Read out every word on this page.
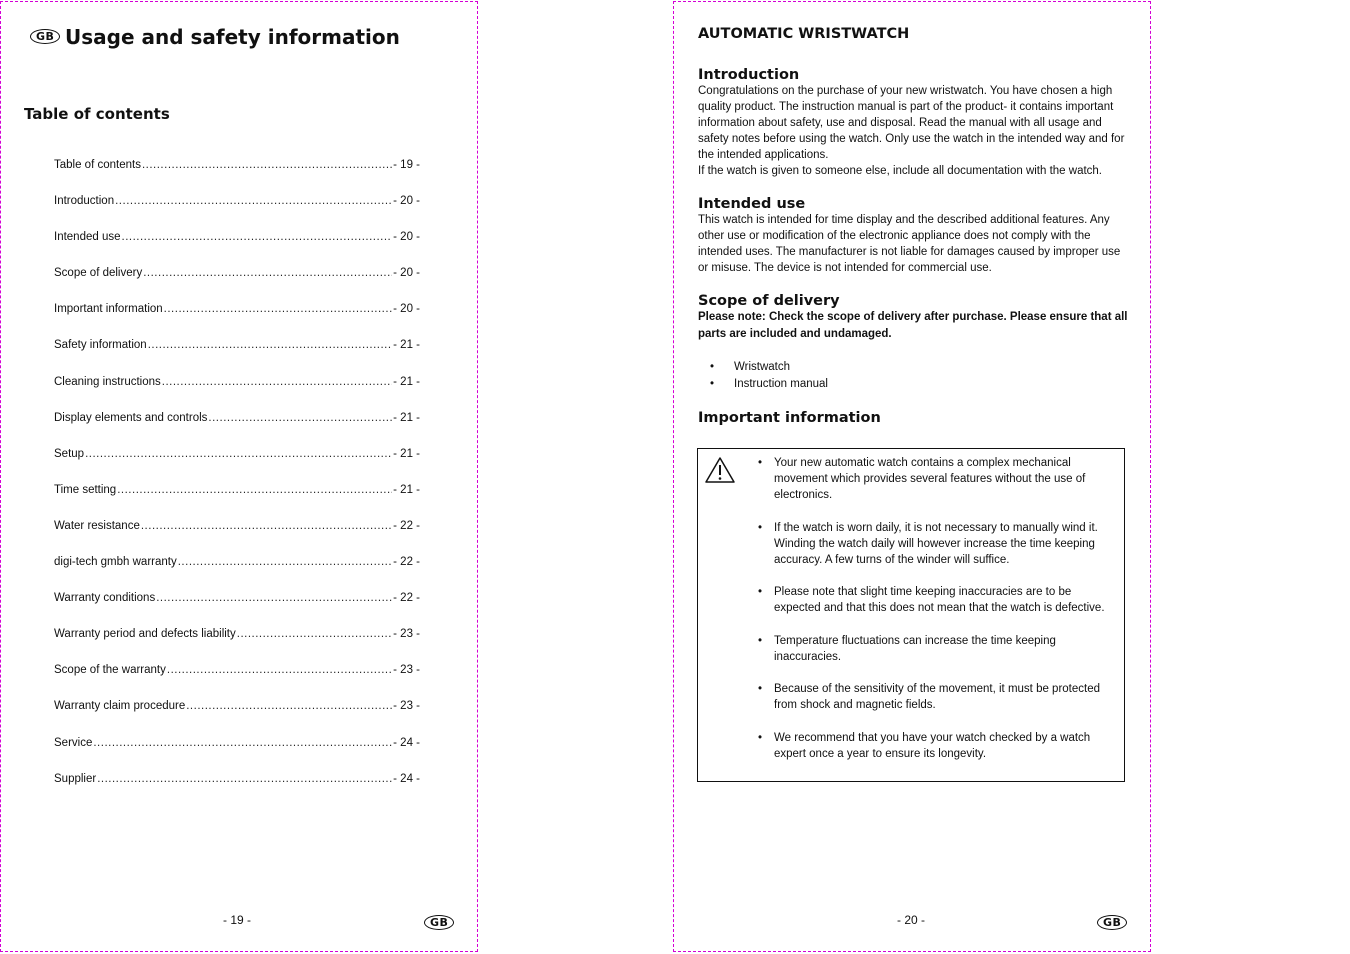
GB Usage and safety information
Table of contents
Table of contents .....	- 19 -
Introduction .....	- 20 -
Intended use .....	- 20 -
Scope of delivery .....	- 20 -
Important information .....	- 20 -
Safety information .....	- 21 -
Cleaning instructions .....	- 21 -
Display elements and controls .....	- 21 -
Setup .....	- 21 -
Time setting .....	- 21 -
Water resistance .....	- 22 -
digi-tech gmbh warranty .....	- 22 -
Warranty conditions .....	- 22 -
Warranty period and defects liability .....	- 23 -
Scope of the warranty .....	- 23 -
Warranty claim procedure .....	- 23 -
Service .....	- 24 -
Supplier .....	- 24 -
- 19 -	GB
AUTOMATIC WRISTWATCH
Introduction

Congratulations on the purchase of your new wristwatch. You have chosen a high quality product. The instruction manual is part of the product- it contains important information about safety, use and disposal. Read the manual with all usage and safety notes before using the watch. Only use the watch in the intended way and for the intended applications.

If the watch is given to someone else, include all documentation with the watch.

Intended use

This watch is intended for time display and the described additional features. Any other use or modification of the electronic appliance does not comply with the intended uses. The manufacturer is not liable for damages caused by improper use or misuse. The device is not intended for commercial use.

Scope of delivery

Please note: Check the scope of delivery after purchase. Please ensure that all parts are included and undamaged.

• Wristwatch
• Instruction manual
Important information
• Your new automatic watch contains a complex mechanical movement which provides several features without the use of electronics.
• If the watch is worn daily, it is not necessary to manually wind it. Winding the watch daily will however increase the time keeping accuracy. A few turns of the winder will suffice.
• Please note that slight time keeping inaccuracies are to be expected and that this does not mean that the watch is defective.
• Temperature fluctuations can increase the time keeping inaccuracies.
• Because of the sensitivity of the movement, it must be protected from shock and magnetic fields.
• We recommend that you have your watch checked by a watch expert once a year to ensure its longevity.
- 20 -	GB
